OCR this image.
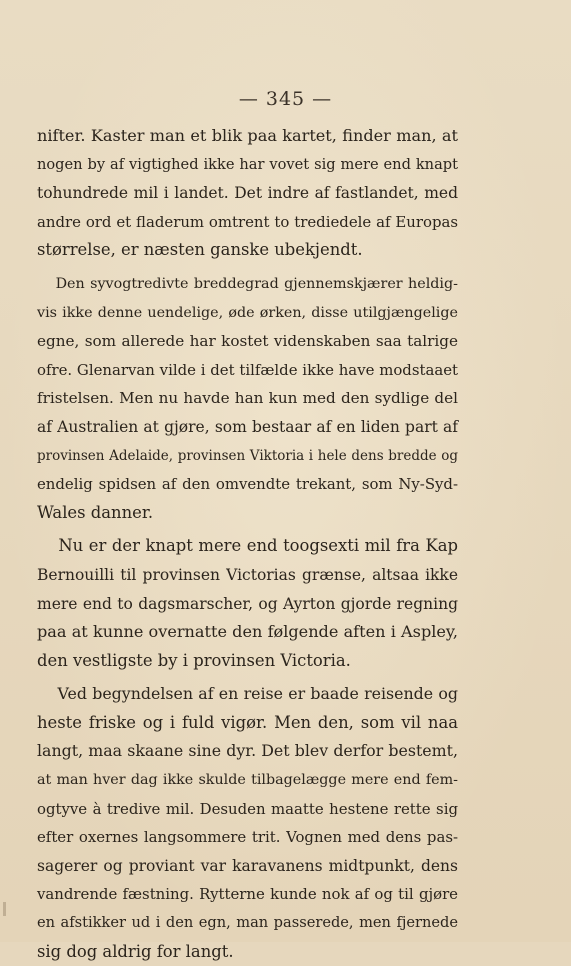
— 345 —
nifter. Kaster man et blik paa kartet, finder man, at
nogen by af vigtighed ikke har vovet sig mere end knapt
tohundrede mil i landet. Det indre af fastlandet, med
andre ord et fladerum omtrent to trediedele af Europas
størrelse, er næsten ganske ubekjendt.
Den syvogtredivte breddegrad gjennemskjærer heldig-
vis ikke denne uendelige, øde ørken, disse utilgjængelige
egne, som allerede har kostet videnskaben saa talrige
ofre. Glenarvan vilde i det tilfælde ikke have modstaaet
fristelsen. Men nu havde han kun med den sydlige del
af Australien at gjøre, som bestaar af en liden part af
provinsen Adelaide, provinsen Viktoria i hele dens bredde og
endelig spidsen af den omvendte trekant, som Ny-Syd-
Wales danner.
Nu er der knapt mere end toogsexti mil fra Kap
Bernouilli til provinsen Victorias grænse, altsaa ikke
mere end to dagsmarscher, og Ayrton gjorde regning
paa at kunne overnatte den følgende aften i Aspley,
den vestligste by i provinsen Victoria.
Ved begyndelsen af en reise er baade reisende og
heste friske og i fuld vigør. Men den, som vil naa
langt, maa skaane sine dyr. Det blev derfor bestemt,
at man hver dag ikke skulde tilbagelægge mere end fem-
ogtyve à tredive mil. Desuden maatte hestene rette sig
efter oxernes langsommere trit. Vognen med dens pas-
sagerer og proviant var karavanens midtpunkt, dens
vandrende fæstning. Rytterne kunde nok af og til gjøre
en afstikker ud i den egn, man passerede, men fjernede
sig dog aldrig for langt.
